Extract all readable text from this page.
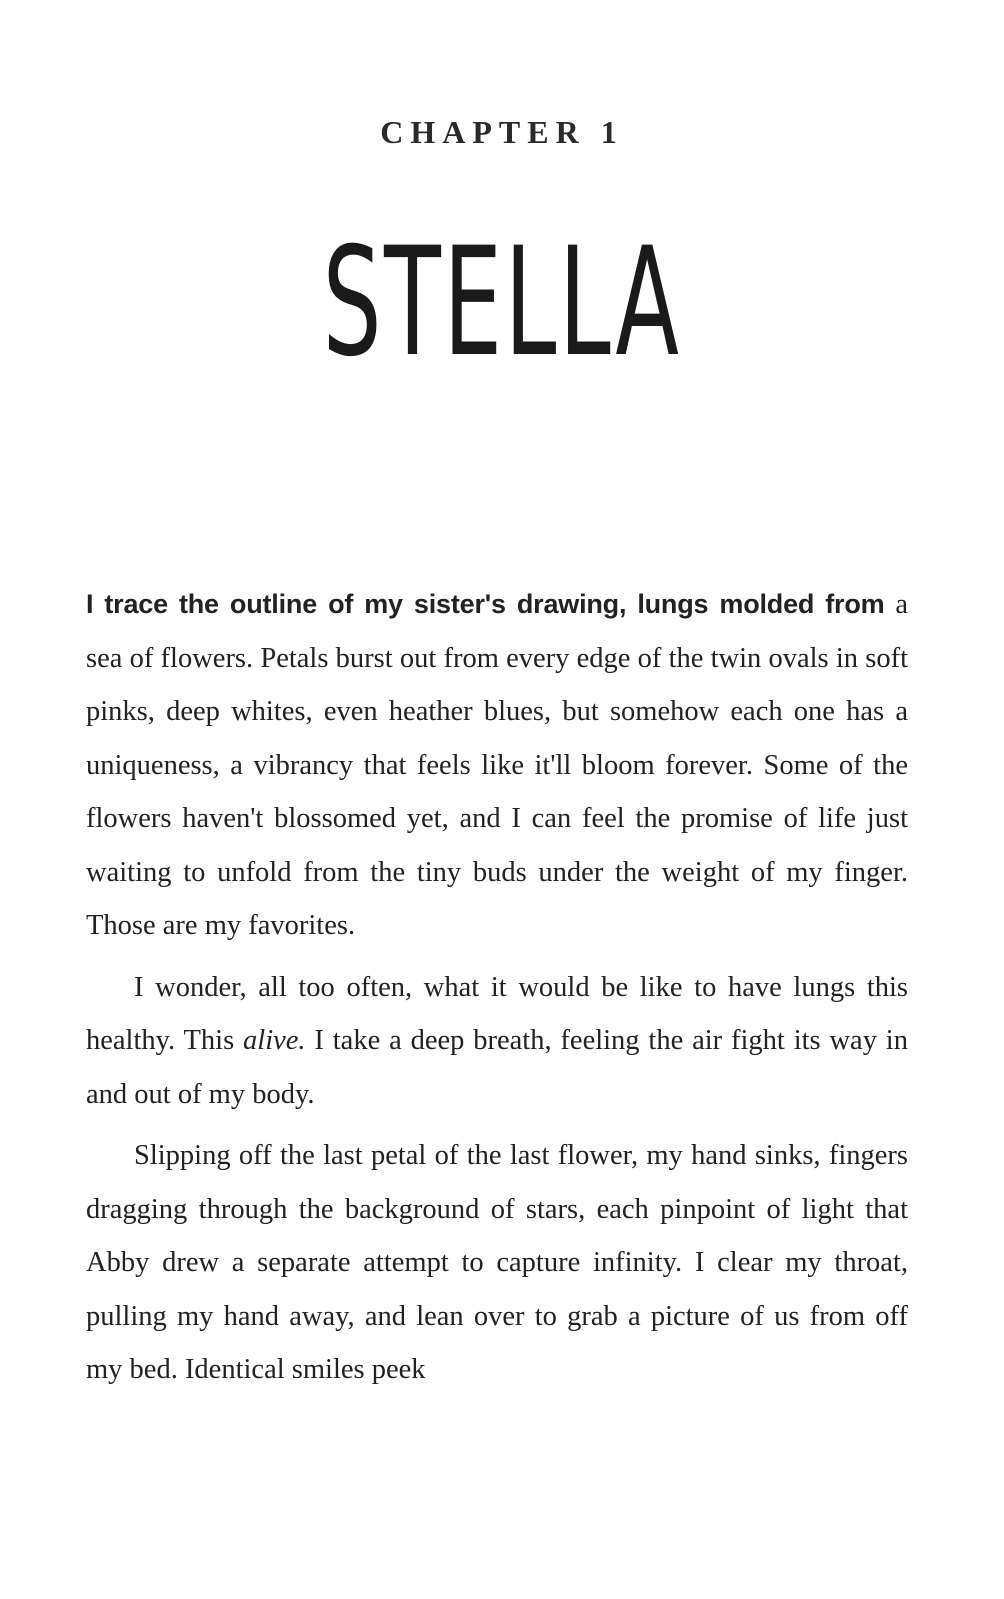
CHAPTER 1
STELLA

I trace the outline of my sister's drawing, lungs molded from a sea of flowers. Petals burst out from every edge of the twin ovals in soft pinks, deep whites, even heather blues, but somehow each one has a uniqueness, a vibrancy that feels like it'll bloom forever. Some of the flowers haven't blossomed yet, and I can feel the promise of life just waiting to unfold from the tiny buds under the weight of my finger. Those are my favorites.

I wonder, all too often, what it would be like to have lungs this healthy. This alive. I take a deep breath, feeling the air fight its way in and out of my body.

Slipping off the last petal of the last flower, my hand sinks, fingers dragging through the background of stars, each pinpoint of light that Abby drew a separate attempt to capture infinity. I clear my throat, pulling my hand away, and lean over to grab a picture of us from off my bed. Identical smiles peek
